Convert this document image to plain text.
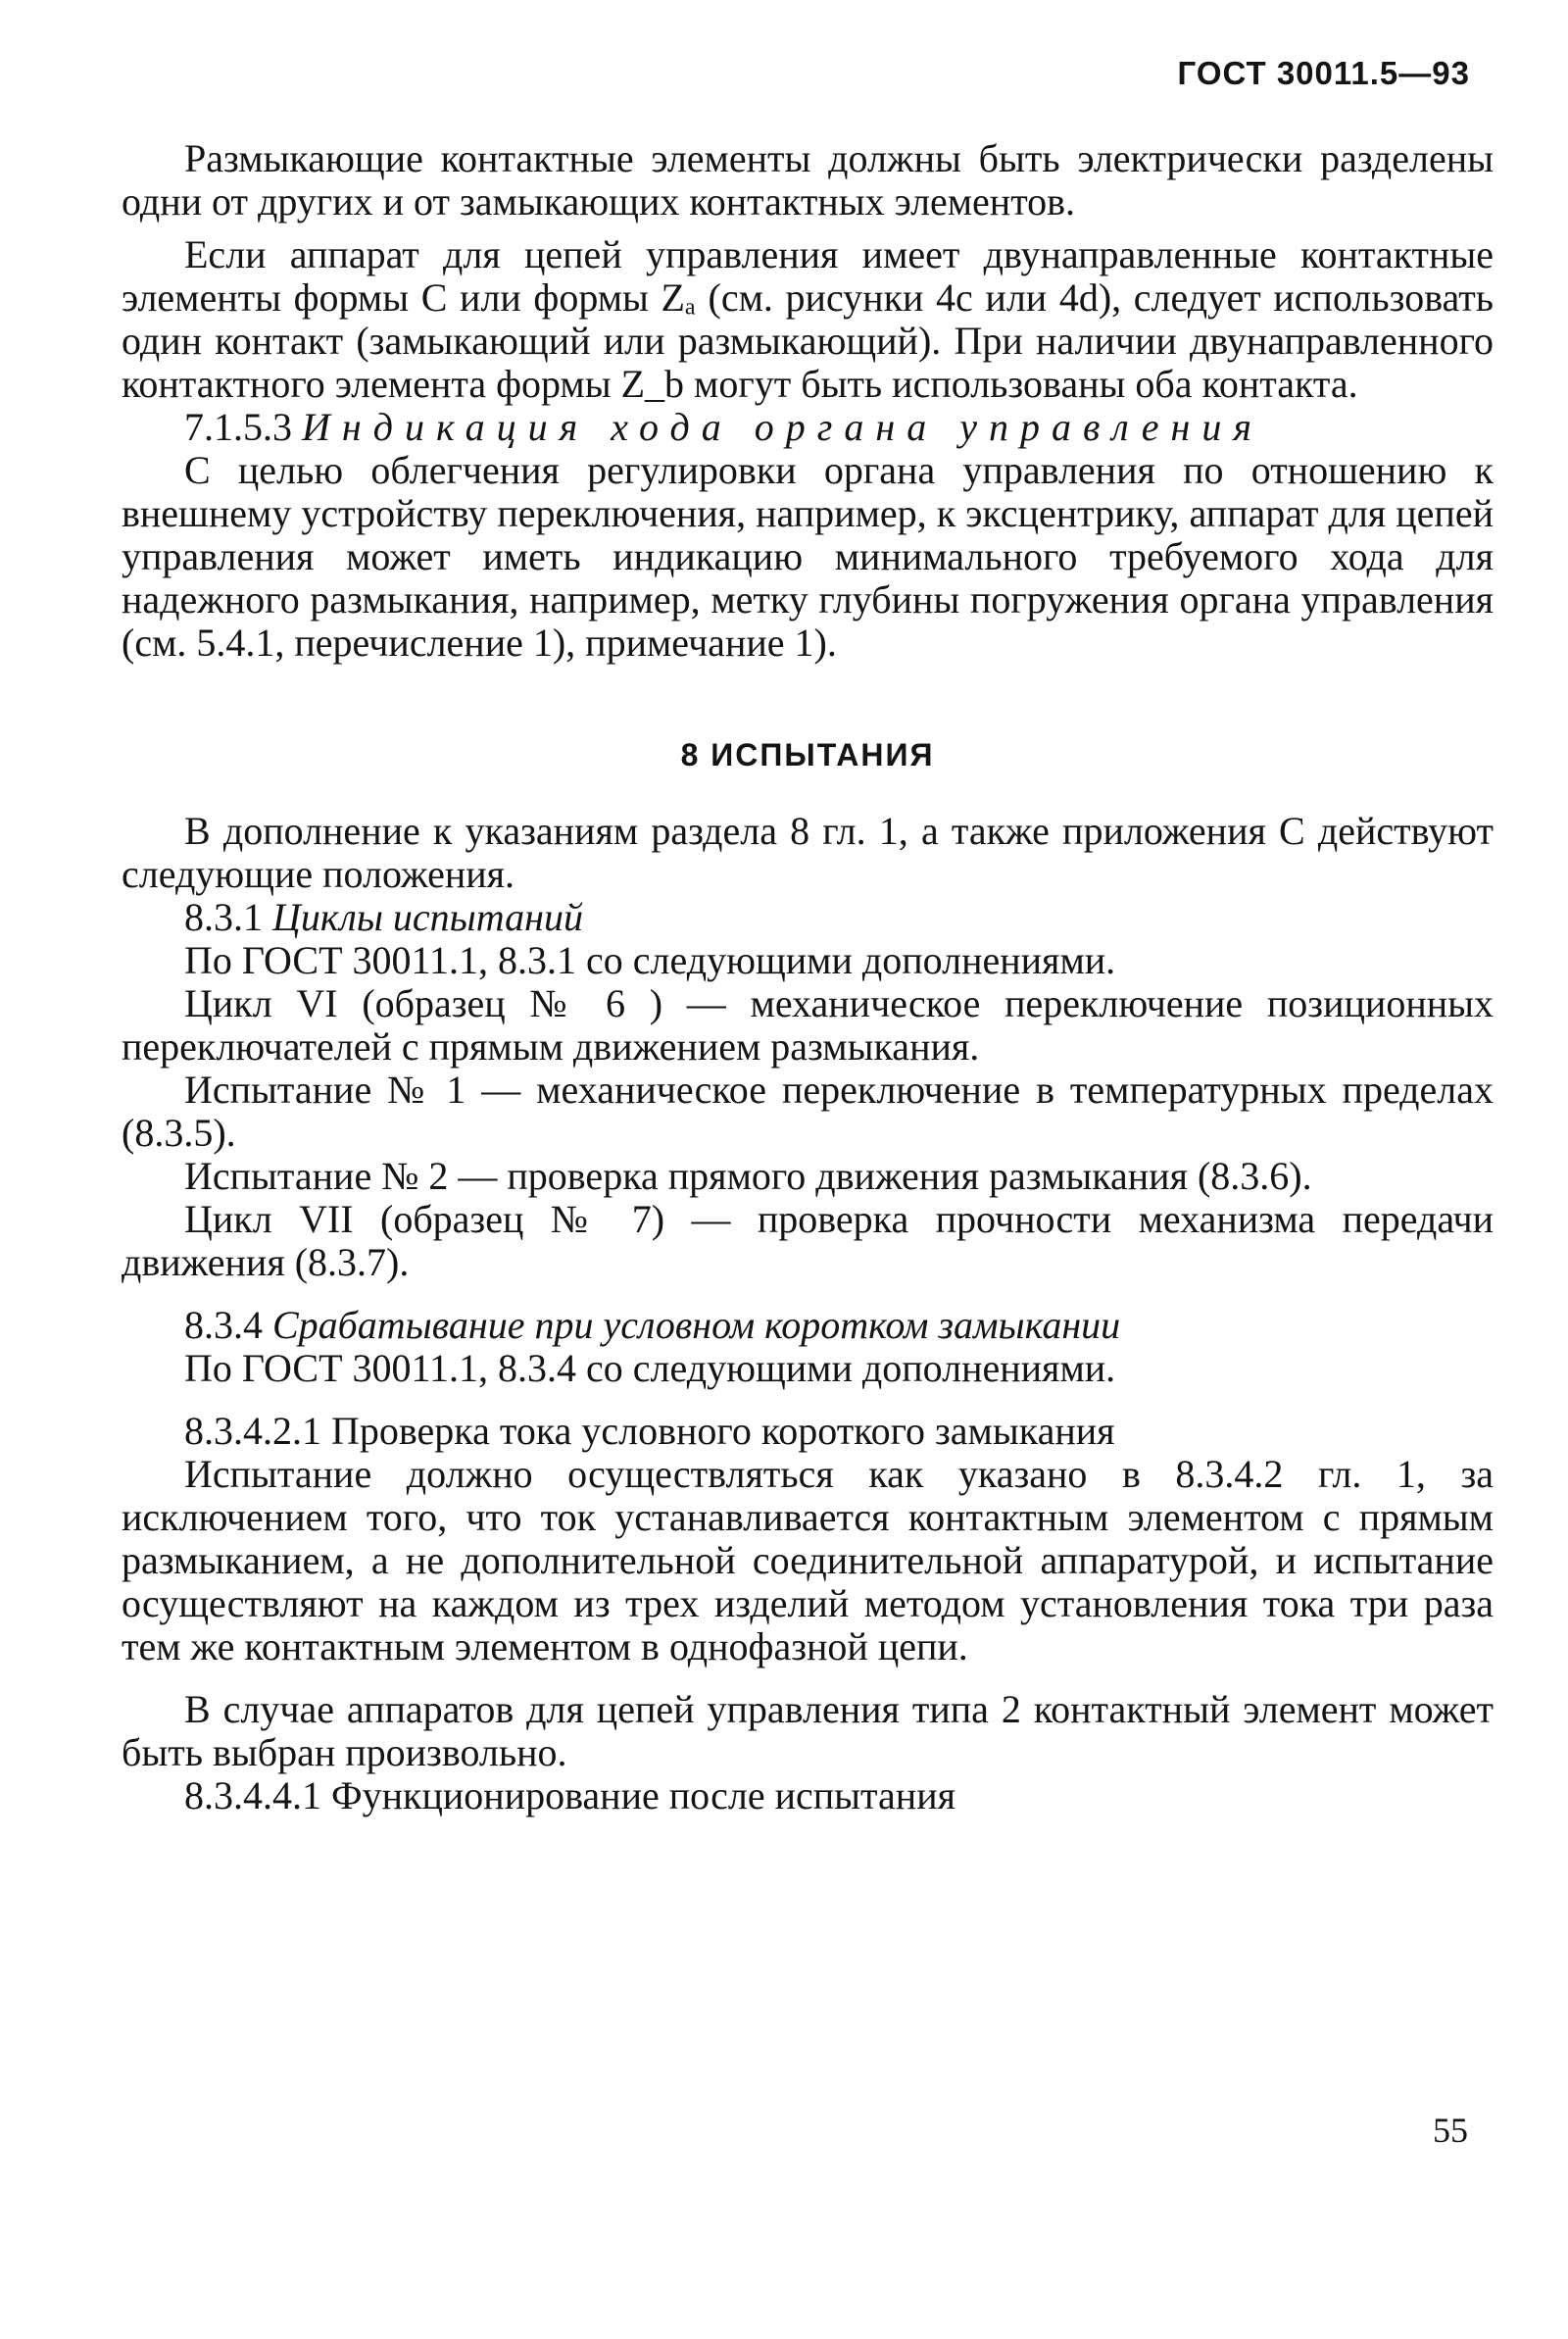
ГОСТ 30011.5—93

Размыкающие контактные элементы должны быть электрически разделены одни от других и от замыкающих контактных элементов.

Если аппарат для цепей управления имеет двунаправленные контактные элементы формы C или формы Zₐ (см. рисунки 4с или 4d), следует использовать один контакт (замыкающий или размыкающий). При наличии двунаправленного контактного элемента формы Z_b могут быть использованы оба контакта.

7.1.5.3 Индикация хода органа управления

С целью облегчения регулировки органа управления по отношению к внешнему устройству переключения, например, к эксцентрику, аппарат для цепей управления может иметь индикацию минимального требуемого хода для надежного размыкания, например, метку глубины погружения органа управления (см. 5.4.1, перечисление 1), примечание 1).

8 ИСПЫТАНИЯ

В дополнение к указаниям раздела 8 гл. 1, а также приложения С действуют следующие положения.

8.3.1 Циклы испытаний

По ГОСТ 30011.1, 8.3.1 со следующими дополнениями.

Цикл VI (образец № 6 ) — механическое переключение позиционных переключателей с прямым движением размыкания.

Испытание № 1 — механическое переключение в температурных пределах (8.3.5).

Испытание № 2 — проверка прямого движения размыкания (8.3.6).

Цикл VII (образец № 7) — проверка прочности механизма передачи движения (8.3.7).

8.3.4 Срабатывание при условном коротком замыкании

По ГОСТ 30011.1, 8.3.4 со следующими дополнениями.

8.3.4.2.1 Проверка тока условного короткого замыкания

Испытание должно осуществляться как указано в 8.3.4.2 гл. 1, за исключением того, что ток устанавливается контактным элементом с прямым размыканием, а не дополнительной соединительной аппаратурой, и испытание осуществляют на каждом из трех изделий методом установления тока три раза тем же контактным элементом в однофазной цепи.

В случае аппаратов для цепей управления типа 2 контактный элемент может быть выбран произвольно.

8.3.4.4.1 Функционирование после испытания

55
